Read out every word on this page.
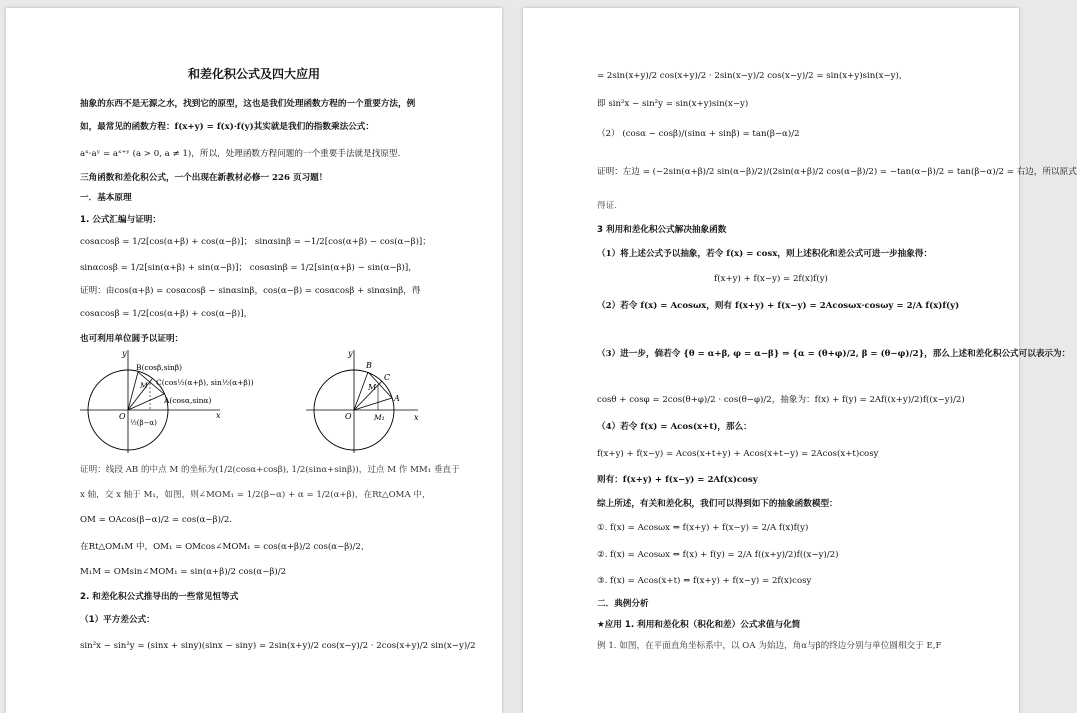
和差化积公式及四大应用
抽象的东西不是无源之水，找到它的原型，这也是我们处理函数方程的一个重要方法，例
如，最常见的函数方程：f(x+y) = f(x)·f(y)其实就是我们的指数乘法公式：
aˣ·aʸ = aˣ⁺ʸ (a > 0, a ≠ 1)，所以，处理函数方程问题的一个重要手法就是找原型.
三角函数和差化积公式，一个出现在新教材必修一 226 页习题！
一．基本原理
1. 公式汇编与证明：
cosαcosβ = 1/2[cos(α+β) + cos(α−β)]； sinαsinβ = −1/2[cos(α+β) − cos(α−β)]；
sinαcosβ = 1/2[sin(α+β) + sin(α−β)]； cosαsinβ = 1/2[sin(α+β) − sin(α−β)]，
证明：由cos(α+β) = cosαcosβ − sinαsinβ，cos(α−β) = cosαcosβ + sinαsinβ，得
cosαcosβ = 1/2[cos(α+β) + cos(α−β)]，
也可利用单位圆予以证明：
y
x
O
B(cosβ,sinβ)
C(cos½(α+β), sin½(α+β))
A(cosα,sinα)
M
½(β−α)
y
x
O
B
C
A
M
M₁
证明：线段 AB 的中点 M 的坐标为(1/2(cosα+cosβ), 1/2(sinα+sinβ))，过点 M 作 MM₁ 垂直于
x 轴，交 x 轴于 M₁，如图，则∠MOM₁ = 1/2(β−α) + α = 1/2(α+β)，在Rt△OMA 中，
OM = OAcos(β−α)/2 = cos(α−β)/2.
在Rt△OM₁M 中，OM₁ = OMcos∠MOM₁ = cos(α+β)/2 cos(α−β)/2，
M₁M = OMsin∠MOM₁ = sin(α+β)/2 cos(α−β)/2
2. 和差化积公式推导出的一些常见恒等式
（1）平方差公式：
sin²x − sin²y = (sinx + siny)(sinx − siny) = 2sin(x+y)/2 cos(x−y)/2 · 2cos(x+y)/2 sin(x−y)/2
= 2sin(x+y)/2 cos(x+y)/2 · 2sin(x−y)/2 cos(x−y)/2 = sin(x+y)sin(x−y)，
即 sin²x − sin²y = sin(x+y)sin(x−y)
（2） (cosα − cosβ)/(sinα + sinβ) = tan(β−α)/2
证明：左边 = (−2sin(α+β)/2 sin(α−β)/2)/(2sin(α+β)/2 cos(α−β)/2) = −tan(α−β)/2 = tan(β−α)/2 = 右边，所以原式
得证.
3 利用和差化积公式解决抽象函数
（1）将上述公式予以抽象，若令 f(x) = cosx，则上述积化和差公式可进一步抽象得：
f(x+y) + f(x−y) = 2f(x)f(y)
（2）若令 f(x) = Acosωx，则有 f(x+y) + f(x−y) = 2Acosωx·cosωy = 2/A f(x)f(y)
（3）进一步，倘若令 {θ = α+β, φ = α−β} ⇒ {α = (θ+φ)/2, β = (θ−φ)/2}，那么上述和差化积公式可以表示为：
cosθ + cosφ = 2cos(θ+φ)/2 · cos(θ−φ)/2，抽象为：f(x) + f(y) = 2Af((x+y)/2)f((x−y)/2)
（4）若令 f(x) = Acos(x+t)，那么：
f(x+y) + f(x−y) = Acos(x+t+y) + Acos(x+t−y) = 2Acos(x+t)cosy
则有：f(x+y) + f(x−y) = 2Af(x)cosy
综上所述，有关和差化积，我们可以得到如下的抽象函数模型：
①. f(x) = Acosωx ⇔ f(x+y) + f(x−y) = 2/A f(x)f(y)
②. f(x) = Acosωx ⇔ f(x) + f(y) = 2/A f((x+y)/2)f((x−y)/2)
③. f(x) = Acos(x+t) ⇔ f(x+y) + f(x−y) = 2f(x)cosy
二．典例分析
★应用 1. 利用和差化积（积化和差）公式求值与化简
例 1. 如图，在平面直角坐标系中，以 OA 为始边，角α与β的终边分别与单位圆相交于 E,F
